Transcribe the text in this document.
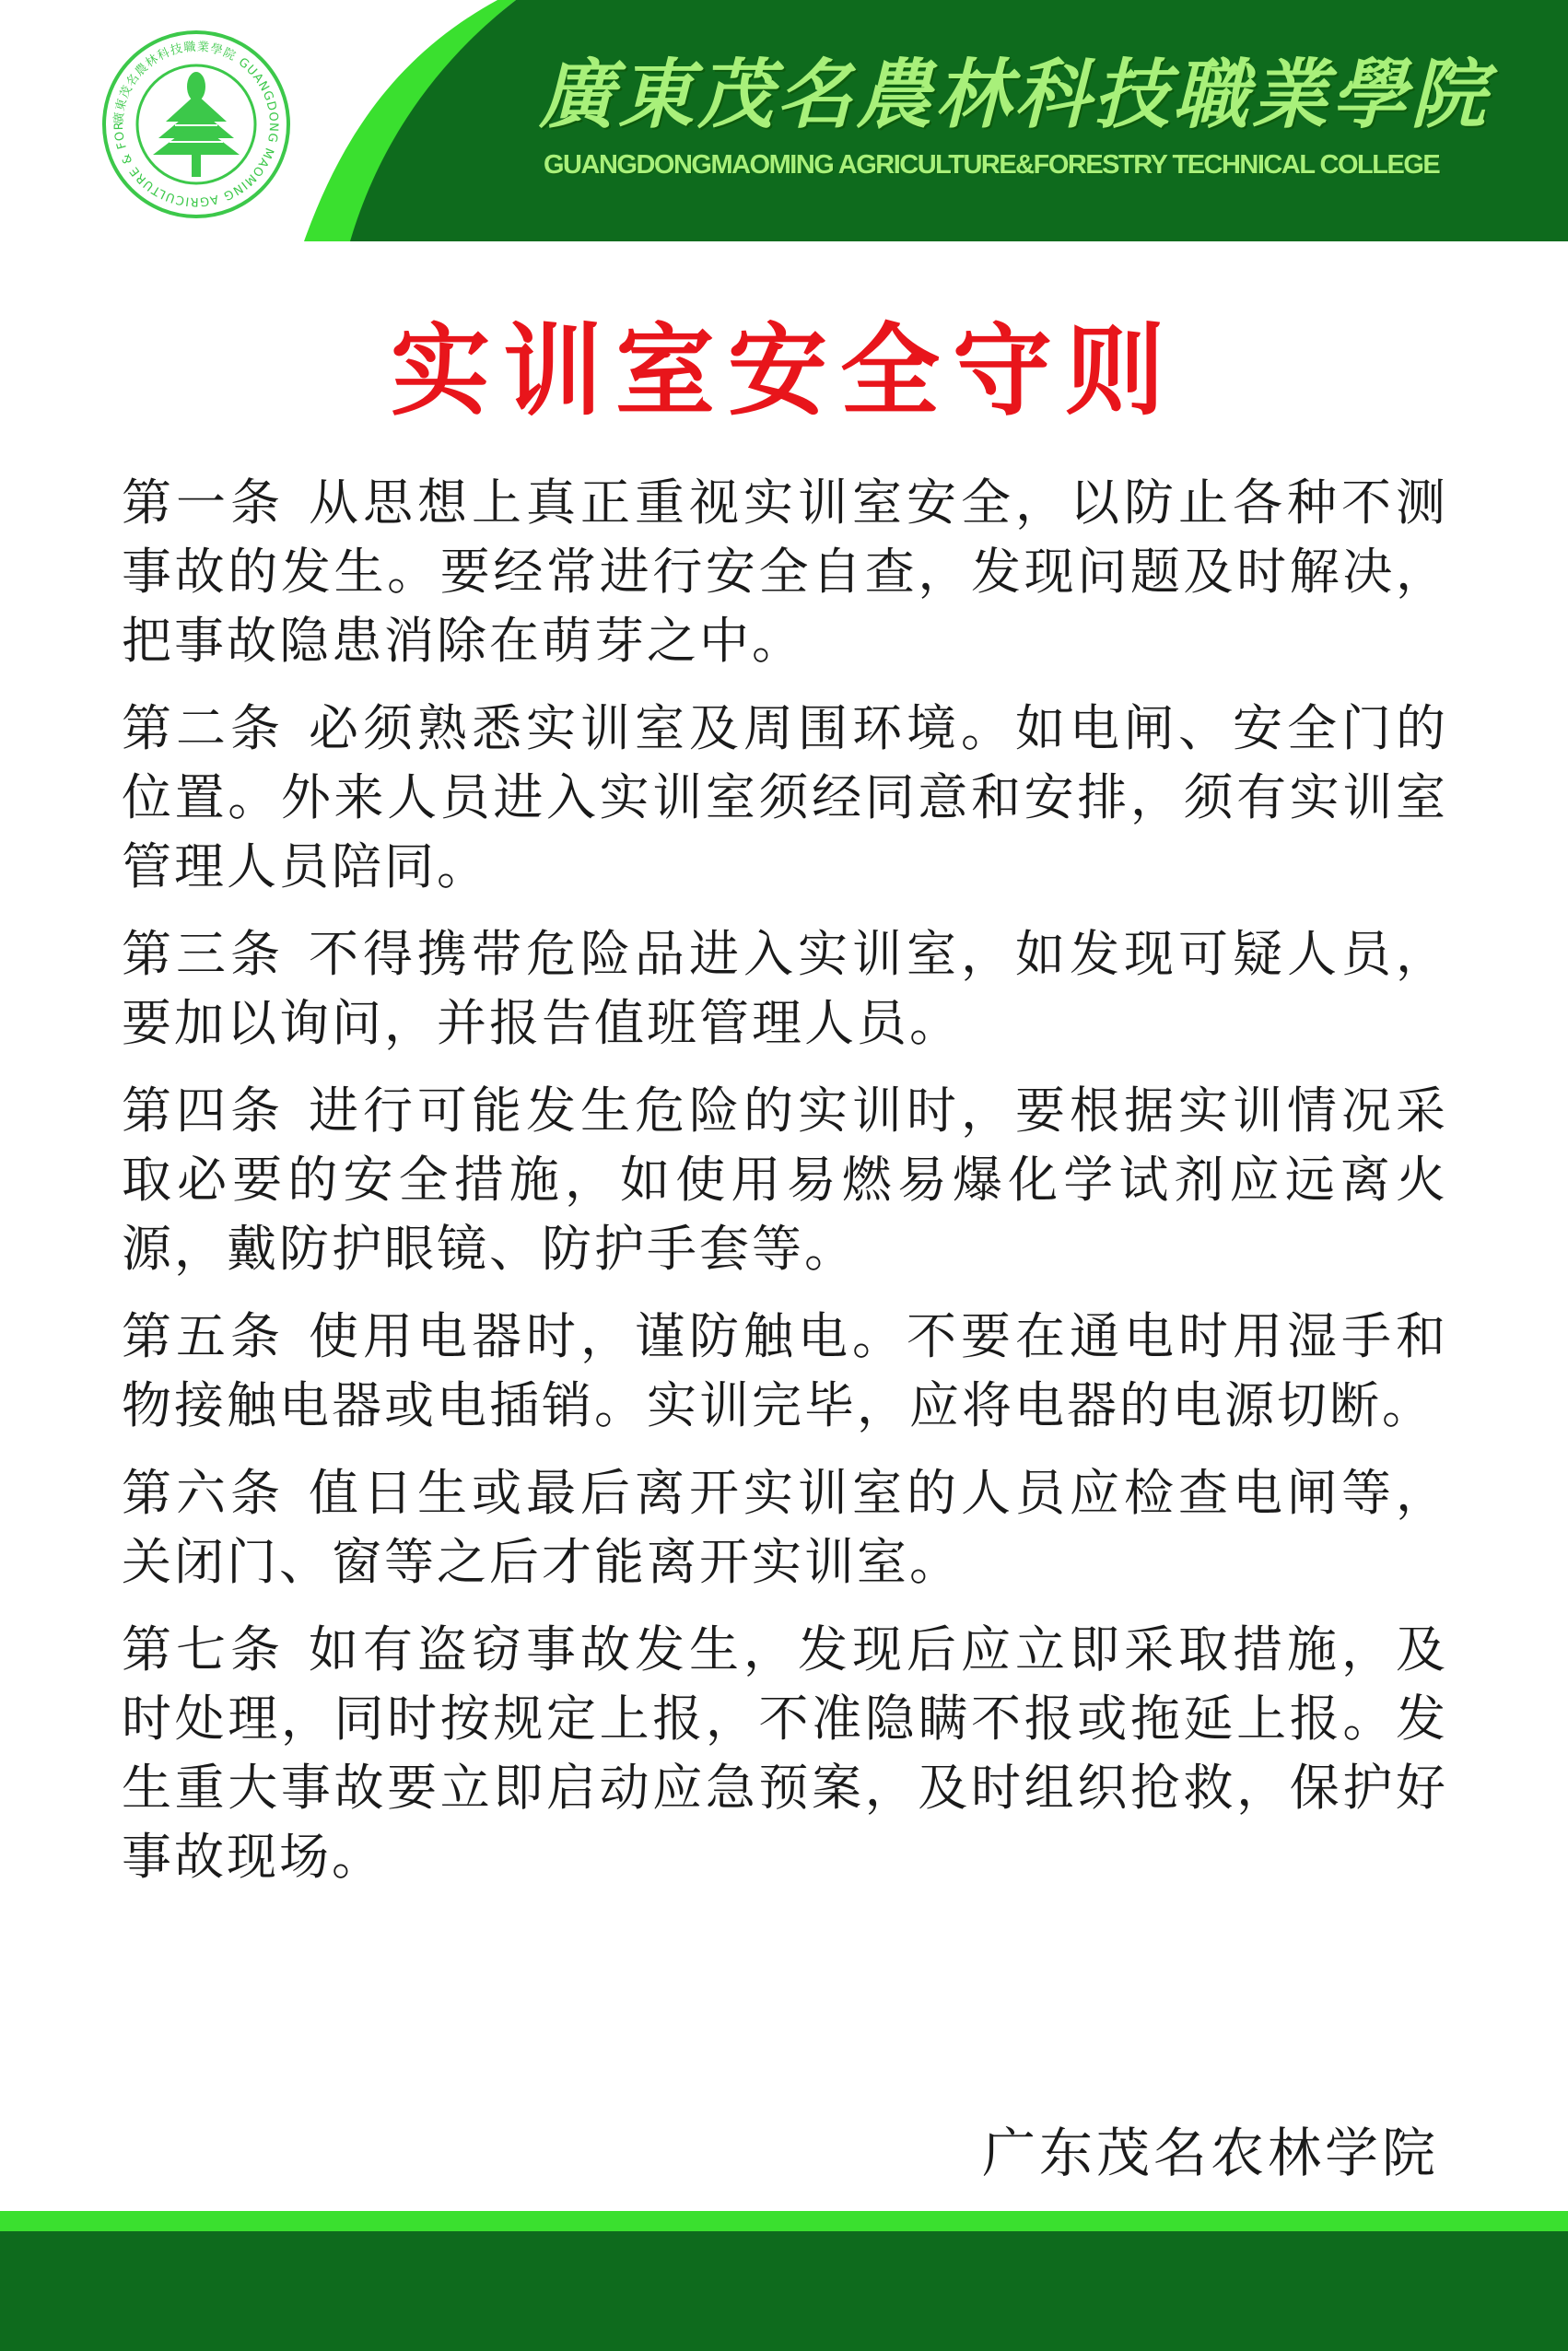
廣東茂名農林科技職業學院 GUANGDONG MAOMING AGRICULTURE & FOR	廣東茂名農林科技職業學院
GUANGDONGMAOMING AGRICULTURE&FORESTRY TECHNICAL COLLEGE
实训室安全守则

第一条 从思想上真正重视实训室安全，以防止各种不测事故的发生。要经常进行安全自查，发现问题及时解决，把事故隐患消除在萌芽之中。

第二条 必须熟悉实训室及周围环境。如电闸、安全门的位置。外来人员进入实训室须经同意和安排，须有实训室管理人员陪同。

第三条 不得携带危险品进入实训室，如发现可疑人员，要加以询问，并报告值班管理人员。

第四条 进行可能发生危险的实训时，要根据实训情况采取必要的安全措施，如使用易燃易爆化学试剂应远离火源，戴防护眼镜、防护手套等。

第五条 使用电器时，谨防触电。不要在通电时用湿手和物接触电器或电插销。实训完毕，应将电器的电源切断。

第六条 值日生或最后离开实训室的人员应检查电闸等，关闭门、窗等之后才能离开实训室。

第七条 如有盗窃事故发生，发现后应立即采取措施，及时处理，同时按规定上报，不准隐瞒不报或拖延上报。发生重大事故要立即启动应急预案，及时组织抢救，保护好事故现场。

广东茂名农林学院
